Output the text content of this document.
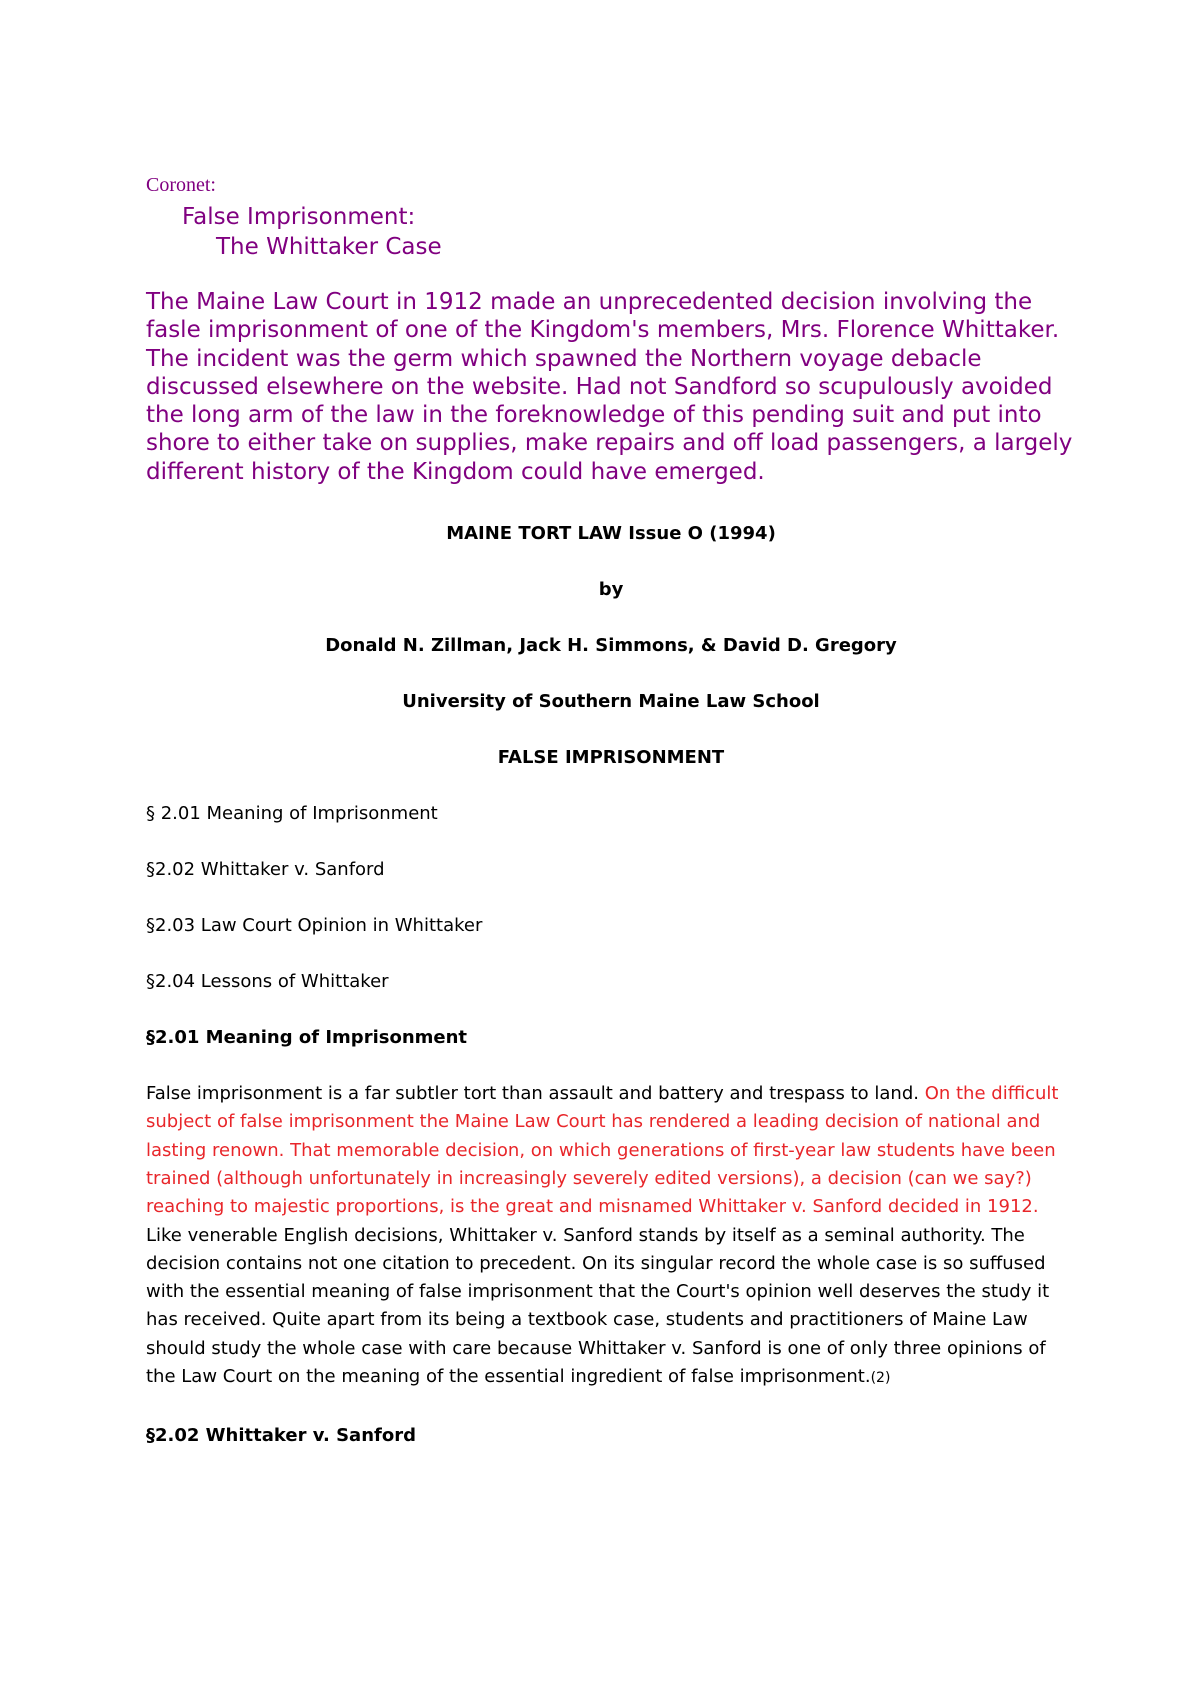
Coronet:

False Imprisonment:

The Whittaker Case

The Maine Law Court in 1912 made an unprecedented decision involving the fasle imprisonment of one of the Kingdom's members, Mrs. Florence Whittaker. The incident was the germ which spawned the Northern voyage debacle discussed elsewhere on the website. Had not Sandford so scupulously avoided the long arm of the law in the foreknowledge of this pending suit and put into shore to either take on supplies, make repairs and off load passengers, a largely different history of the Kingdom could have emerged.

MAINE TORT LAW Issue O (1994)

by

Donald N. Zillman, Jack H. Simmons, & David D. Gregory

University of Southern Maine Law School

FALSE IMPRISONMENT

§ 2.01 Meaning of Imprisonment

§2.02 Whittaker v. Sanford

§2.03 Law Court Opinion in Whittaker

§2.04 Lessons of Whittaker

§2.01 Meaning of Imprisonment

False imprisonment is a far subtler tort than assault and battery and trespass to land. On the difficult subject of false imprisonment the Maine Law Court has rendered a leading decision of national and lasting renown. That memorable decision, on which generations of first-year law students have been trained (although unfortunately in increasingly severely edited versions), a decision (can we say?) reaching to majestic proportions, is the great and misnamed Whittaker v. Sanford decided in 1912. Like venerable English decisions, Whittaker v. Sanford stands by itself as a seminal authority. The decision contains not one citation to precedent. On its singular record the whole case is so suffused with the essential meaning of false imprisonment that the Court's opinion well deserves the study it has received. Quite apart from its being a textbook case, students and practitioners of Maine Law should study the whole case with care because Whittaker v. Sanford is one of only three opinions of the Law Court on the meaning of the essential ingredient of false imprisonment.(2)

§2.02 Whittaker v. Sanford
